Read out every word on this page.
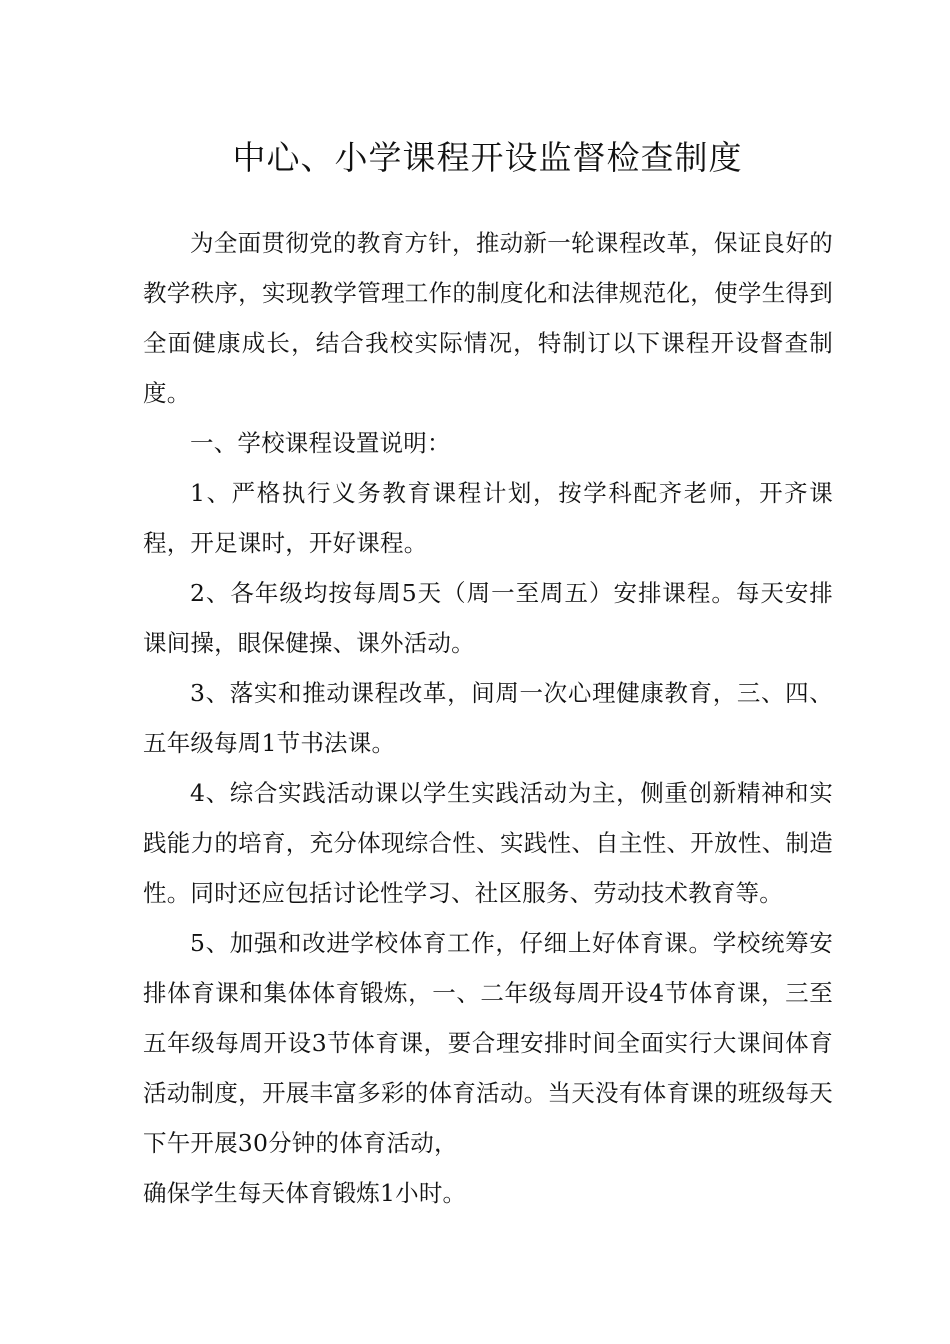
中心、小学课程开设监督检查制度

为全面贯彻党的教育方针，推动新一轮课程改革，保证良好的教学秩序，实现教学管理工作的制度化和法律规范化，使学生得到全面健康成长，结合我校实际情况，特制订以下课程开设督查制度。

一、学校课程设置说明：

1、严格执行义务教育课程计划，按学科配齐老师，开齐课程，开足课时，开好课程。

2、各年级均按每周5天（周一至周五）安排课程。每天安排课间操，眼保健操、课外活动。

3、落实和推动课程改革，间周一次心理健康教育，三、四、五年级每周1节书法课。

4、综合实践活动课以学生实践活动为主，侧重创新精神和实践能力的培育，充分体现综合性、实践性、自主性、开放性、制造性。同时还应包括讨论性学习、社区服务、劳动技术教育等。

5、加强和改进学校体育工作，仔细上好体育课。学校统筹安排体育课和集体体育锻炼，一、二年级每周开设4节体育课，三至五年级每周开设3节体育课，要合理安排时间全面实行大课间体育活动制度，开展丰富多彩的体育活动。当天没有体育课的班级每天下午开展30分钟的体育活动，

确保学生每天体育锻炼1小时。
